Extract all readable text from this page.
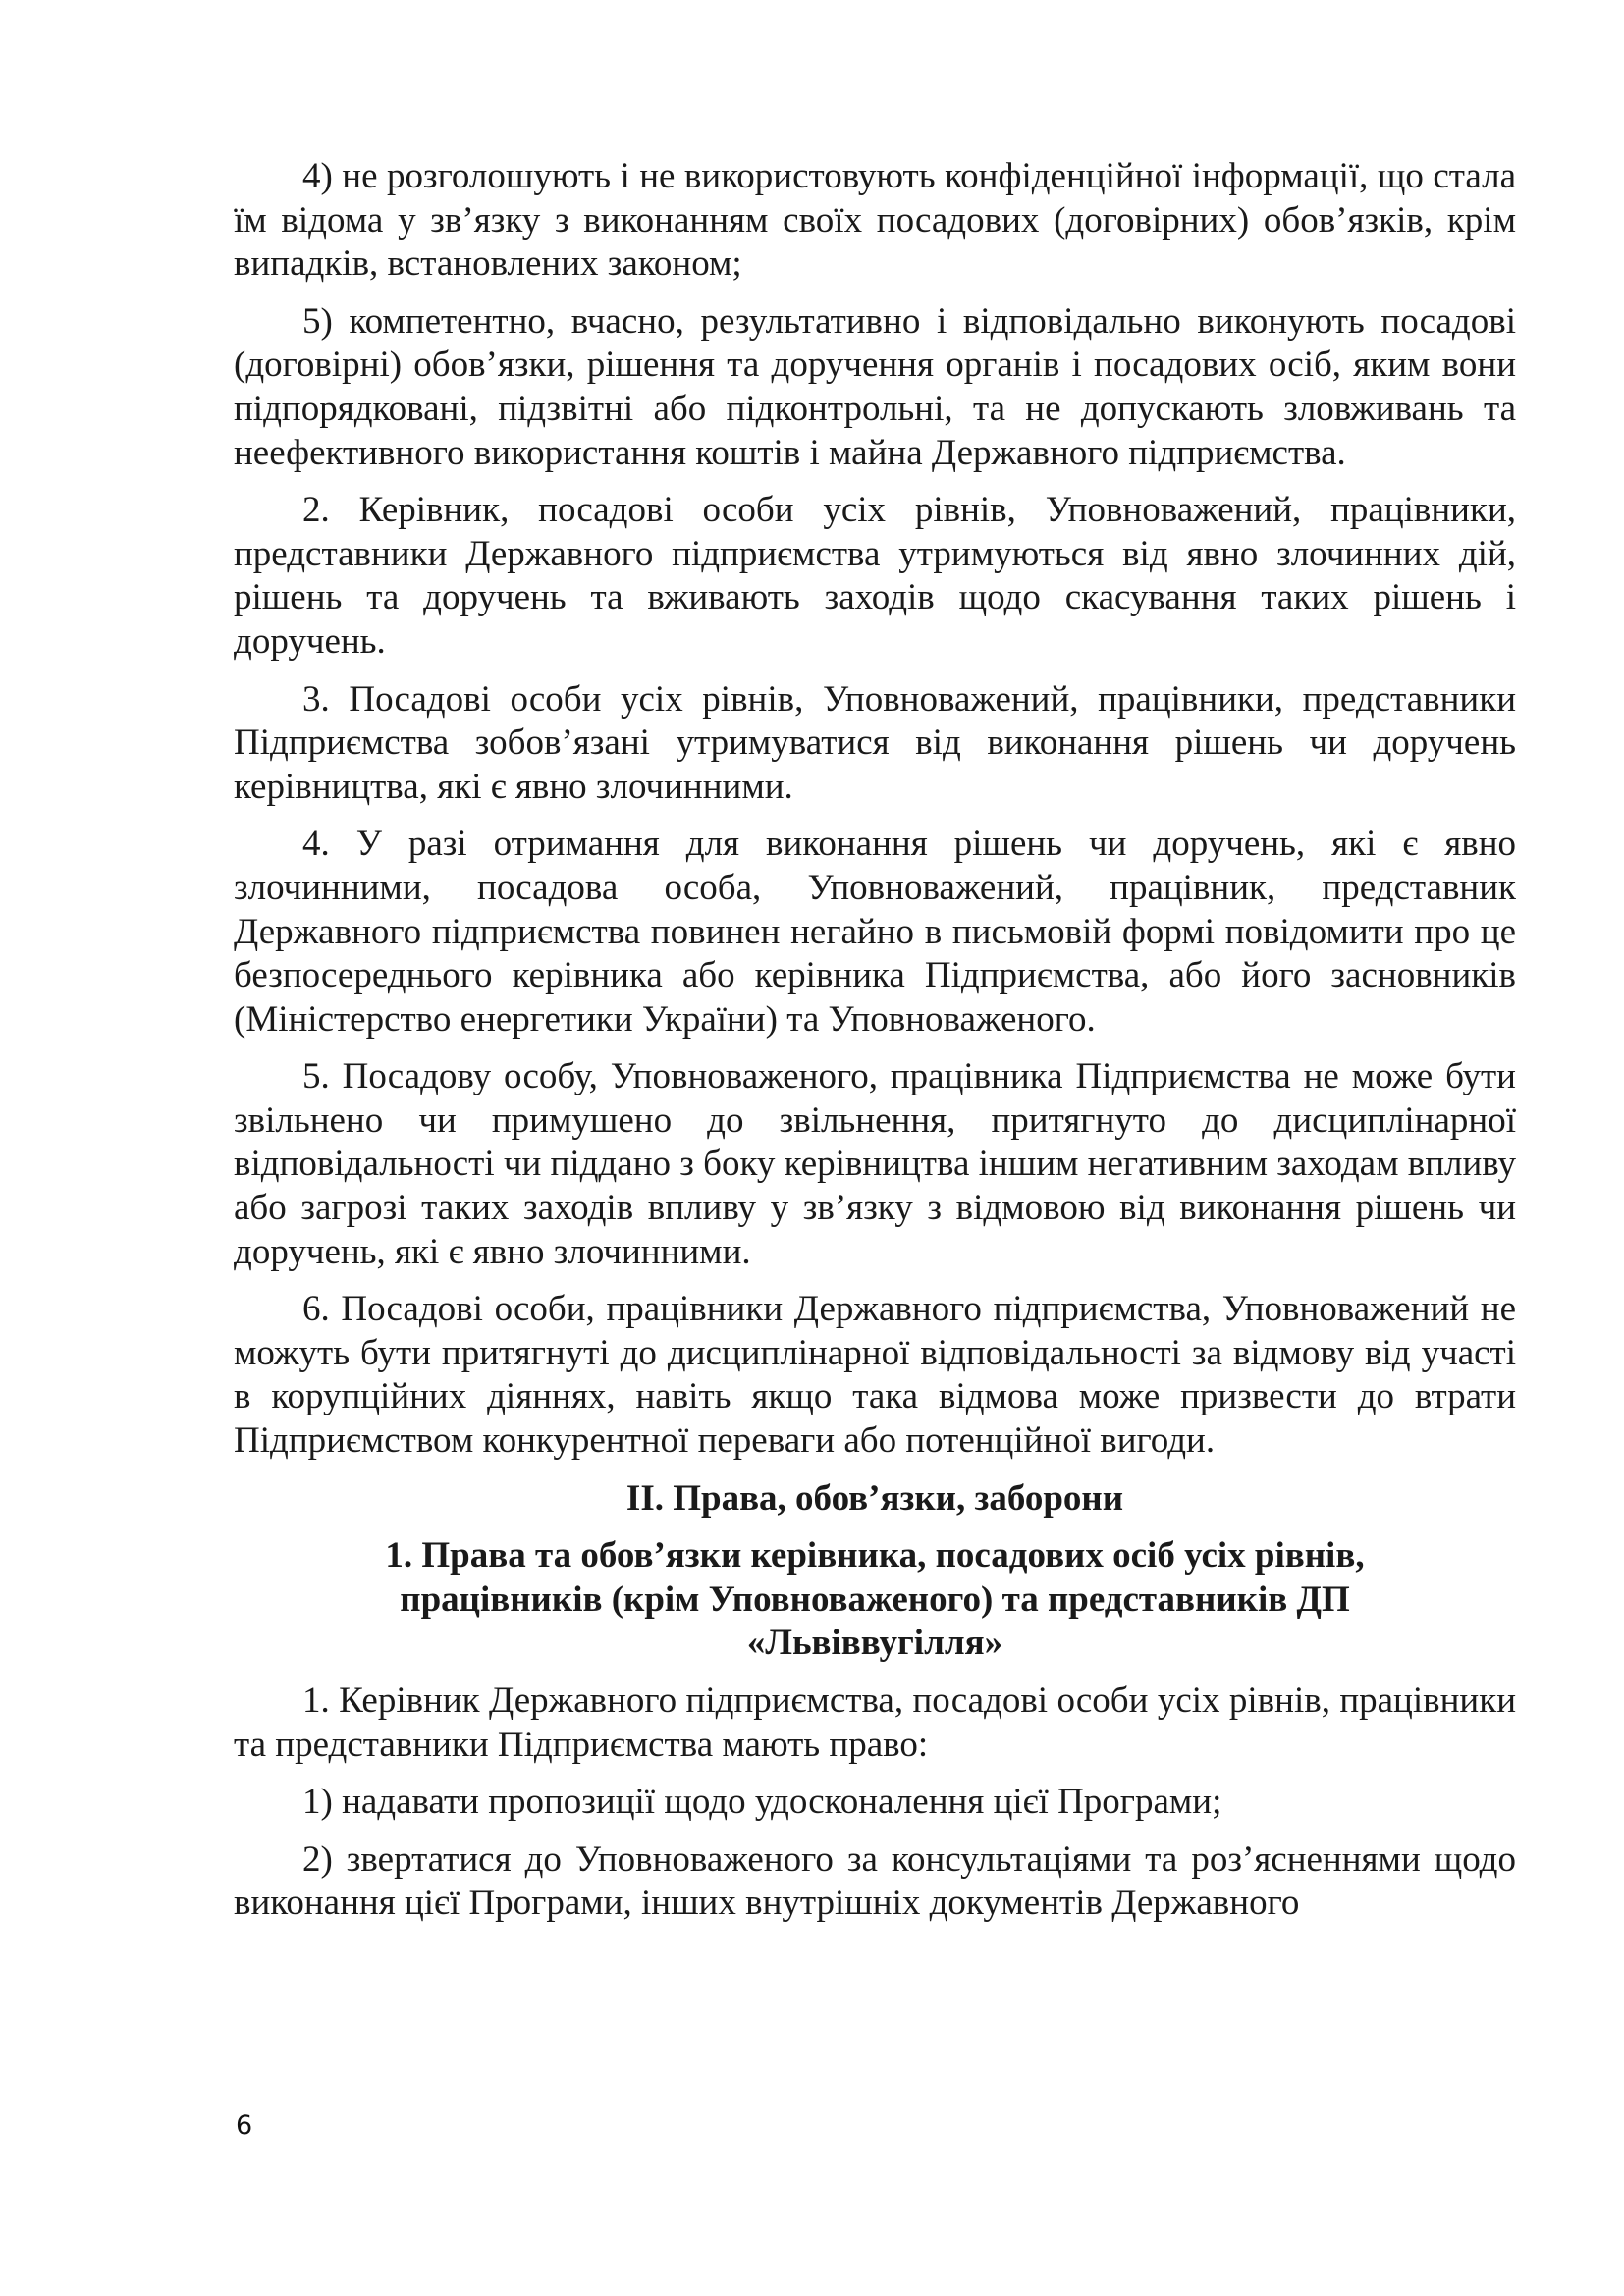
4) не розголошують і не використовують конфіденційної інформації, що стала їм відома у зв’язку з виконанням своїх посадових (договірних) обов’язків, крім випадків, встановлених законом;

5) компетентно, вчасно, результативно і відповідально виконують посадові (договірні) обов’язки, рішення та доручення органів і посадових осіб, яким вони підпорядковані, підзвітні або підконтрольні, та не допускають зловживань та неефективного використання коштів і майна Державного підприємства.

2. Керівник, посадові особи усіх рівнів, Уповноважений, працівники, представники Державного підприємства утримуються від явно злочинних дій, рішень та доручень та вживають заходів щодо скасування таких рішень і доручень.

3. Посадові особи усіх рівнів, Уповноважений, працівники, представники Підприємства зобов’язані утримуватися від виконання рішень чи доручень керівництва, які є явно злочинними.

4. У разі отримання для виконання рішень чи доручень, які є явно злочинними, посадова особа, Уповноважений, працівник, представник Державного підприємства повинен негайно в письмовій формі повідомити про це безпосереднього керівника або керівника Підприємства, або його засновників (Міністерство енергетики України) та Уповноваженого.

5. Посадову особу, Уповноваженого, працівника Підприємства не може бути звільнено чи примушено до звільнення, притягнуто до дисциплінарної відповідальності чи піддано з боку керівництва іншим негативним заходам впливу або загрозі таких заходів впливу у зв’язку з відмовою від виконання рішень чи доручень, які є явно злочинними.

6. Посадові особи, працівники Державного підприємства, Уповноважений не можуть бути притягнуті до дисциплінарної відповідальності за відмову від участі в корупційних діяннях, навіть якщо така відмова може призвести до втрати Підприємством конкурентної переваги або потенційної вигоди.

ІІ. Права, обов’язки, заборони
1. Права та обов’язки керівника, посадових осіб усіх рівнів, працівників (крім Уповноваженого) та представників ДП «Львіввугілля»

1. Керівник Державного підприємства, посадові особи усіх рівнів, працівники та представники Підприємства мають право:

1) надавати пропозиції щодо удосконалення цієї Програми;

2) звертатися до Уповноваженого за консультаціями та роз’ясненнями щодо виконання цієї Програми, інших внутрішніх документів Державного

6
